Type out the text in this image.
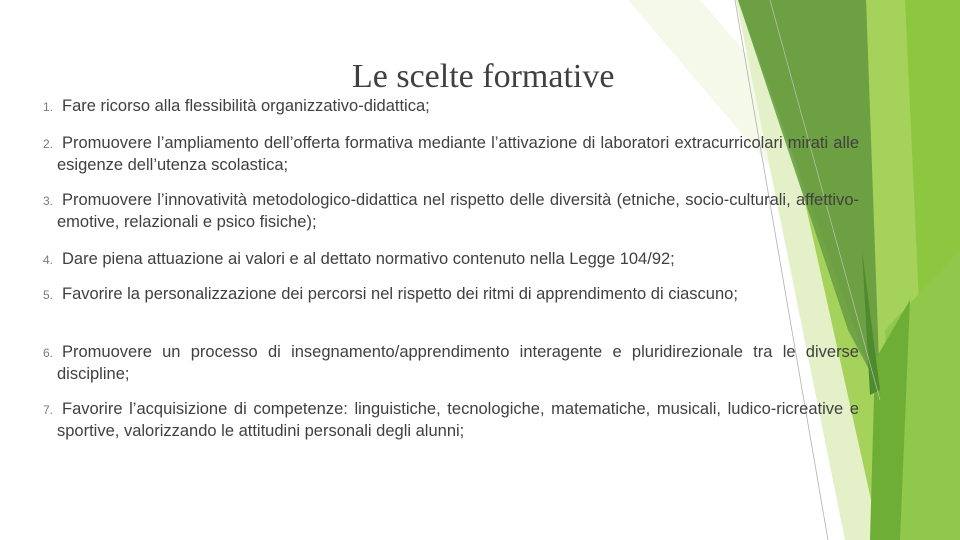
Le scelte formative
1. Fare ricorso alla flessibilità organizzativo-didattica;
2. Promuovere l’ampliamento dell’offerta formativa mediante l’attivazione di laboratori extracurricolari mirati alle esigenze dell’utenza scolastica;
3. Promuovere l’innovatività metodologico-didattica nel rispetto delle diversità (etniche, socio-culturali, affettivo-emotive, relazionali e psico fisiche);
4. Dare piena attuazione ai valori e al dettato normativo contenuto nella Legge 104/92;
5. Favorire la personalizzazione dei percorsi nel rispetto dei ritmi di apprendimento di ciascuno;
6. Promuovere un processo di insegnamento/apprendimento interagente e pluridirezionale tra le diverse discipline;
7. Favorire l’acquisizione di competenze: linguistiche, tecnologiche, matematiche, musicali, ludico-ricreative e sportive, valorizzando le attitudini personali degli alunni;
